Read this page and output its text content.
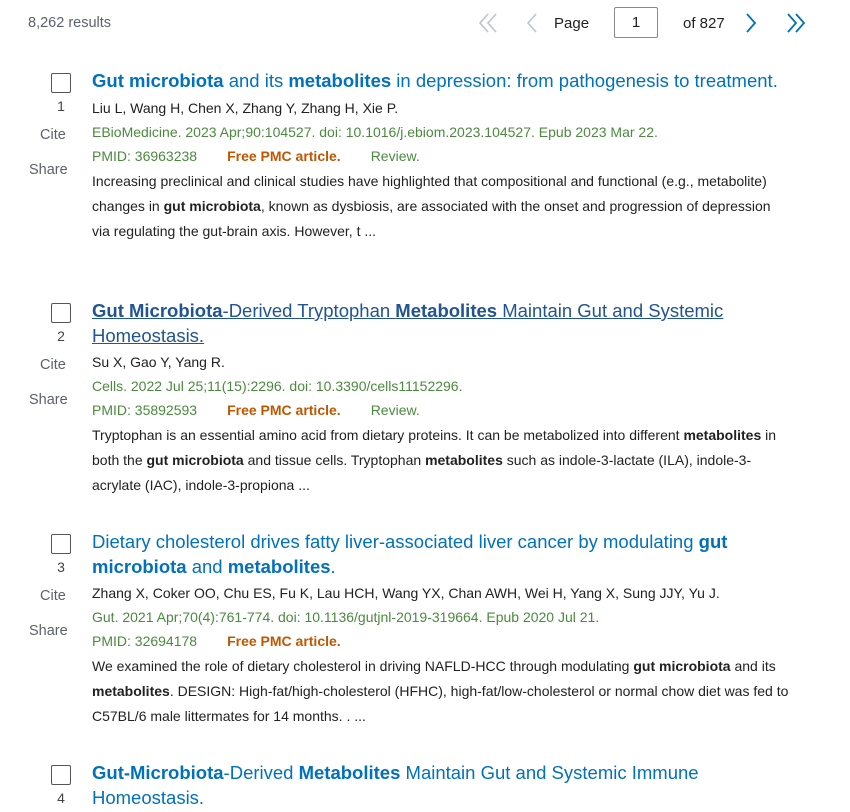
8,262 results	Page
1	of 827
1
Cite
Share
Gut microbiota and its metabolites in depression: from pathogenesis to treatment.
Liu L, Wang H, Chen X, Zhang Y, Zhang H, Xie P.
EBioMedicine. 2023 Apr;90:104527. doi: 10.1016/j.ebiom.2023.104527. Epub 2023 Mar 22.
PMID: 36963238 Free PMC article. Review.
Increasing preclinical and clinical studies have highlighted that compositional and functional (e.g., metabolite) changes in gut microbiota, known as dysbiosis, are associated with the onset and progression of depression via regulating the gut-brain axis. However, t ...
2
Cite
Share
Gut Microbiota-Derived Tryptophan Metabolites Maintain Gut and Systemic Homeostasis.
Su X, Gao Y, Yang R.
Cells. 2022 Jul 25;11(15):2296. doi: 10.3390/cells11152296.
PMID: 35892593 Free PMC article. Review.
Tryptophan is an essential amino acid from dietary proteins. It can be metabolized into different metabolites in both the gut microbiota and tissue cells. Tryptophan metabolites such as indole-3-lactate (ILA), indole-3-acrylate (IAC), indole-3-propiona ...
3
Cite
Share
Dietary cholesterol drives fatty liver-associated liver cancer by modulating gut microbiota and metabolites.
Zhang X, Coker OO, Chu ES, Fu K, Lau HCH, Wang YX, Chan AWH, Wei H, Yang X, Sung JJY, Yu J.
Gut. 2021 Apr;70(4):761-774. doi: 10.1136/gutjnl-2019-319664. Epub 2020 Jul 21.
PMID: 32694178 Free PMC article.
We examined the role of dietary cholesterol in driving NAFLD-HCC through modulating gut microbiota and its metabolites. DESIGN: High-fat/high-cholesterol (HFHC), high-fat/low-cholesterol or normal chow diet was fed to C57BL/6 male littermates for 14 months. . ...
4
Gut-Microbiota-Derived Metabolites Maintain Gut and Systemic Immune Homeostasis.
